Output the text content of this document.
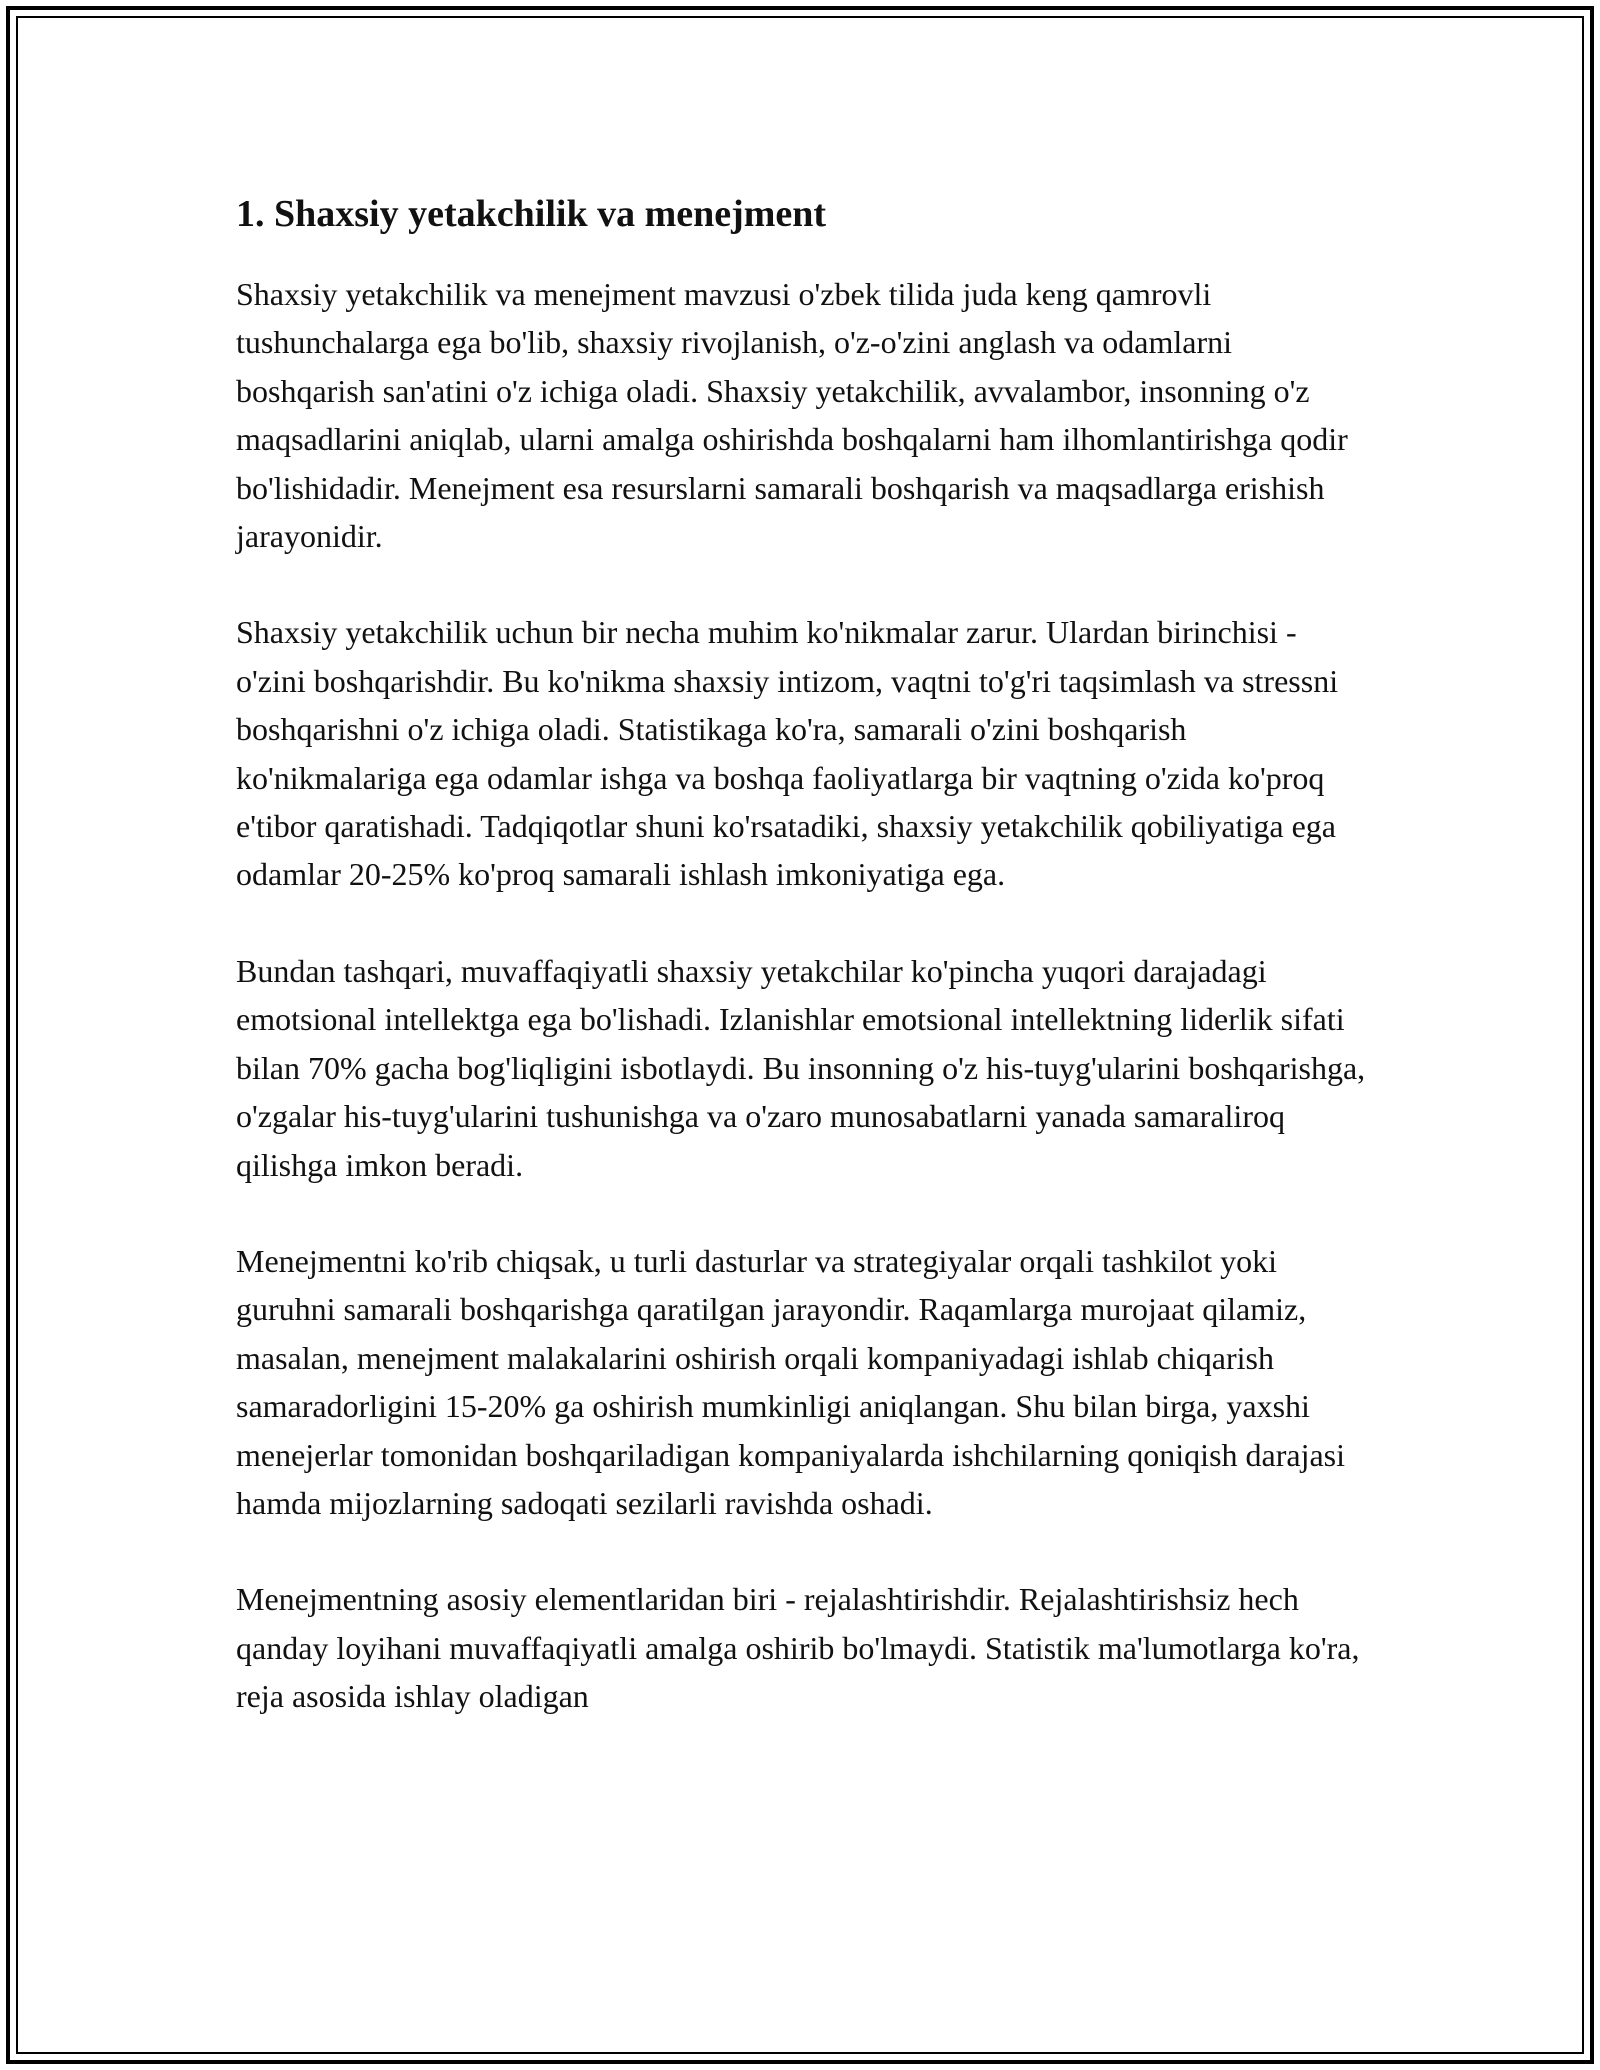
1. Shaxsiy yetakchilik va menejment

Shaxsiy yetakchilik va menejment mavzusi o'zbek tilida juda keng qamrovli tushunchalarga ega bo'lib, shaxsiy rivojlanish, o'z-o'zini anglash va odamlarni boshqarish san'atini o'z ichiga oladi. Shaxsiy yetakchilik, avvalambor, insonning o'z maqsadlarini aniqlab, ularni amalga oshirishda boshqalarni ham ilhomlantirishga qodir bo'lishidadir. Menejment esa resurslarni samarali boshqarish va maqsadlarga erishish jarayonidir.

Shaxsiy yetakchilik uchun bir necha muhim ko'nikmalar zarur. Ulardan birinchisi - o'zini boshqarishdir. Bu ko'nikma shaxsiy intizom, vaqtni to'g'ri taqsimlash va stressni boshqarishni o'z ichiga oladi. Statistikaga ko'ra, samarali o'zini boshqarish ko'nikmalariga ega odamlar ishga va boshqa faoliyatlarga bir vaqtning o'zida ko'proq e'tibor qaratishadi. Tadqiqotlar shuni ko'rsatadiki, shaxsiy yetakchilik qobiliyatiga ega odamlar 20-25% ko'proq samarali ishlash imkoniyatiga ega.

Bundan tashqari, muvaffaqiyatli shaxsiy yetakchilar ko'pincha yuqori darajadagi emotsional intellektga ega bo'lishadi. Izlanishlar emotsional intellektning liderlik sifati bilan 70% gacha bog'liqligini isbotlaydi. Bu insonning o'z his-tuyg'ularini boshqarishga, o'zgalar his-tuyg'ularini tushunishga va o'zaro munosabatlarni yanada samaraliroq qilishga imkon beradi.

Menejmentni ko'rib chiqsak, u turli dasturlar va strategiyalar orqali tashkilot yoki guruhni samarali boshqarishga qaratilgan jarayondir. Raqamlarga murojaat qilamiz, masalan, menejment malakalarini oshirish orqali kompaniyadagi ishlab chiqarish samaradorligini 15-20% ga oshirish mumkinligi aniqlangan. Shu bilan birga, yaxshi menejerlar tomonidan boshqariladigan kompaniyalarda ishchilarning qoniqish darajasi hamda mijozlarning sadoqati sezilarli ravishda oshadi.

Menejmentning asosiy elementlaridan biri - rejalashtirishdir. Rejalashtirishsiz hech qanday loyihani muvaffaqiyatli amalga oshirib bo'lmaydi. Statistik ma'lumotlarga ko'ra, reja asosida ishlay oladigan
